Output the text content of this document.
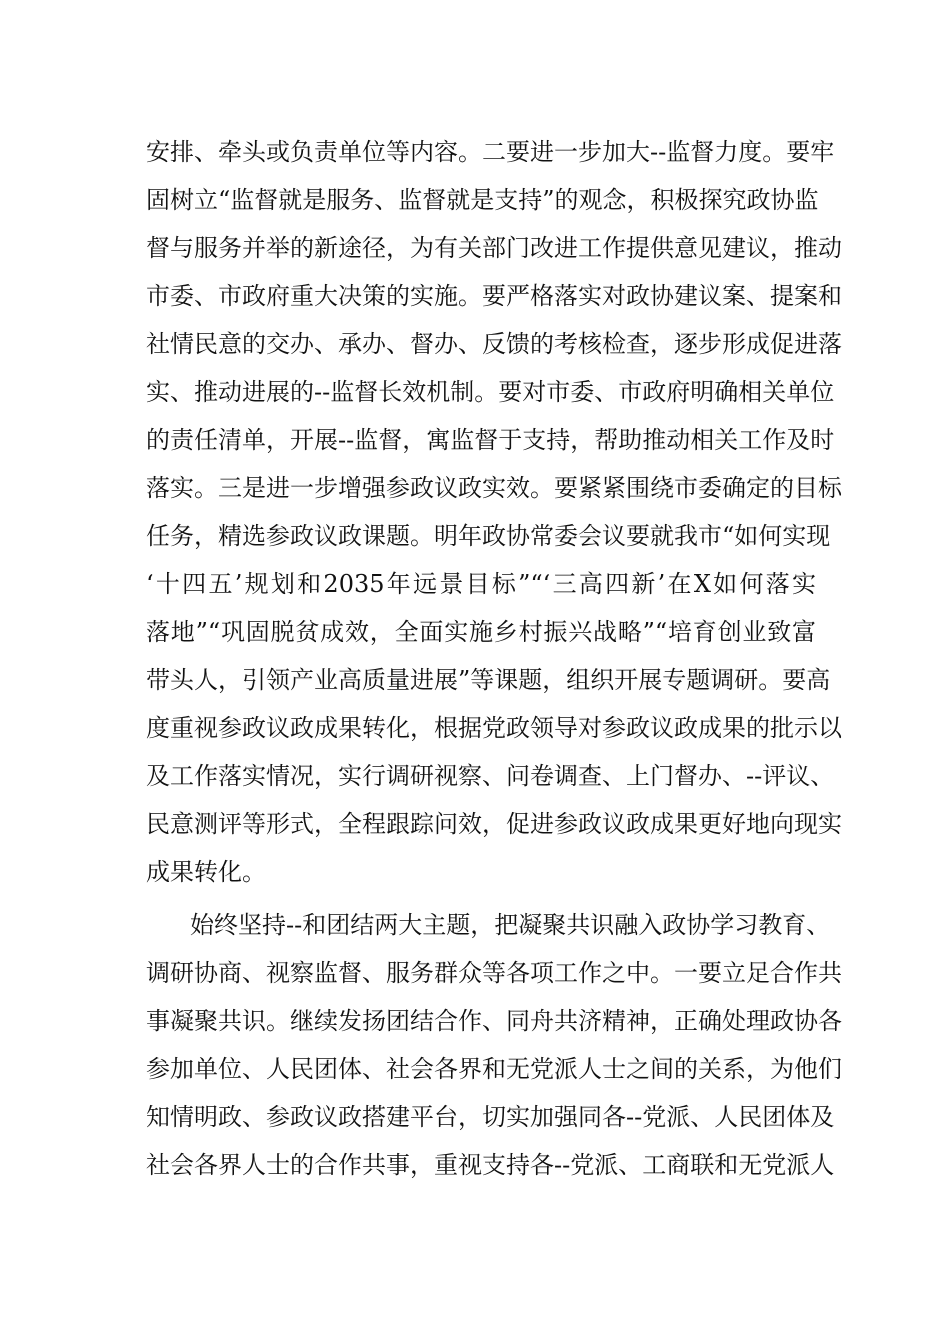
安排、牵头或负责单位等内容。二要进一步加大--监督力度。要牢
固树立“监督就是服务、监督就是支持”的观念，积极探究政协监
督与服务并举的新途径，为有关部门改进工作提供意见建议，推动
市委、市政府重大决策的实施。要严格落实对政协建议案、提案和
社情民意的交办、承办、督办、反馈的考核检查，逐步形成促进落
实、推动进展的--监督长效机制。要对市委、市政府明确相关单位
的责任清单，开展--监督，寓监督于支持，帮助推动相关工作及时
落实。三是进一步增强参政议政实效。要紧紧围绕市委确定的目标
任务，精选参政议政课题。明年政协常委会议要就我市“如何实现
‘十四五’规划和2035年远景目标”“‘三高四新’在X如何落实
落地”“巩固脱贫成效，全面实施乡村振兴战略”“培育创业致富
带头人，引领产业高质量进展”等课题，组织开展专题调研。要高
度重视参政议政成果转化，根据党政领导对参政议政成果的批示以
及工作落实情况，实行调研视察、问卷调查、上门督办、--评议、
民意测评等形式，全程跟踪问效，促进参政议政成果更好地向现实
成果转化。
始终坚持--和团结两大主题，把凝聚共识融入政协学习教育、
调研协商、视察监督、服务群众等各项工作之中。一要立足合作共
事凝聚共识。继续发扬团结合作、同舟共济精神，正确处理政协各
参加单位、人民团体、社会各界和无党派人士之间的关系，为他们
知情明政、参政议政搭建平台，切实加强同各--党派、人民团体及
社会各界人士的合作共事，重视支持各--党派、工商联和无党派人
